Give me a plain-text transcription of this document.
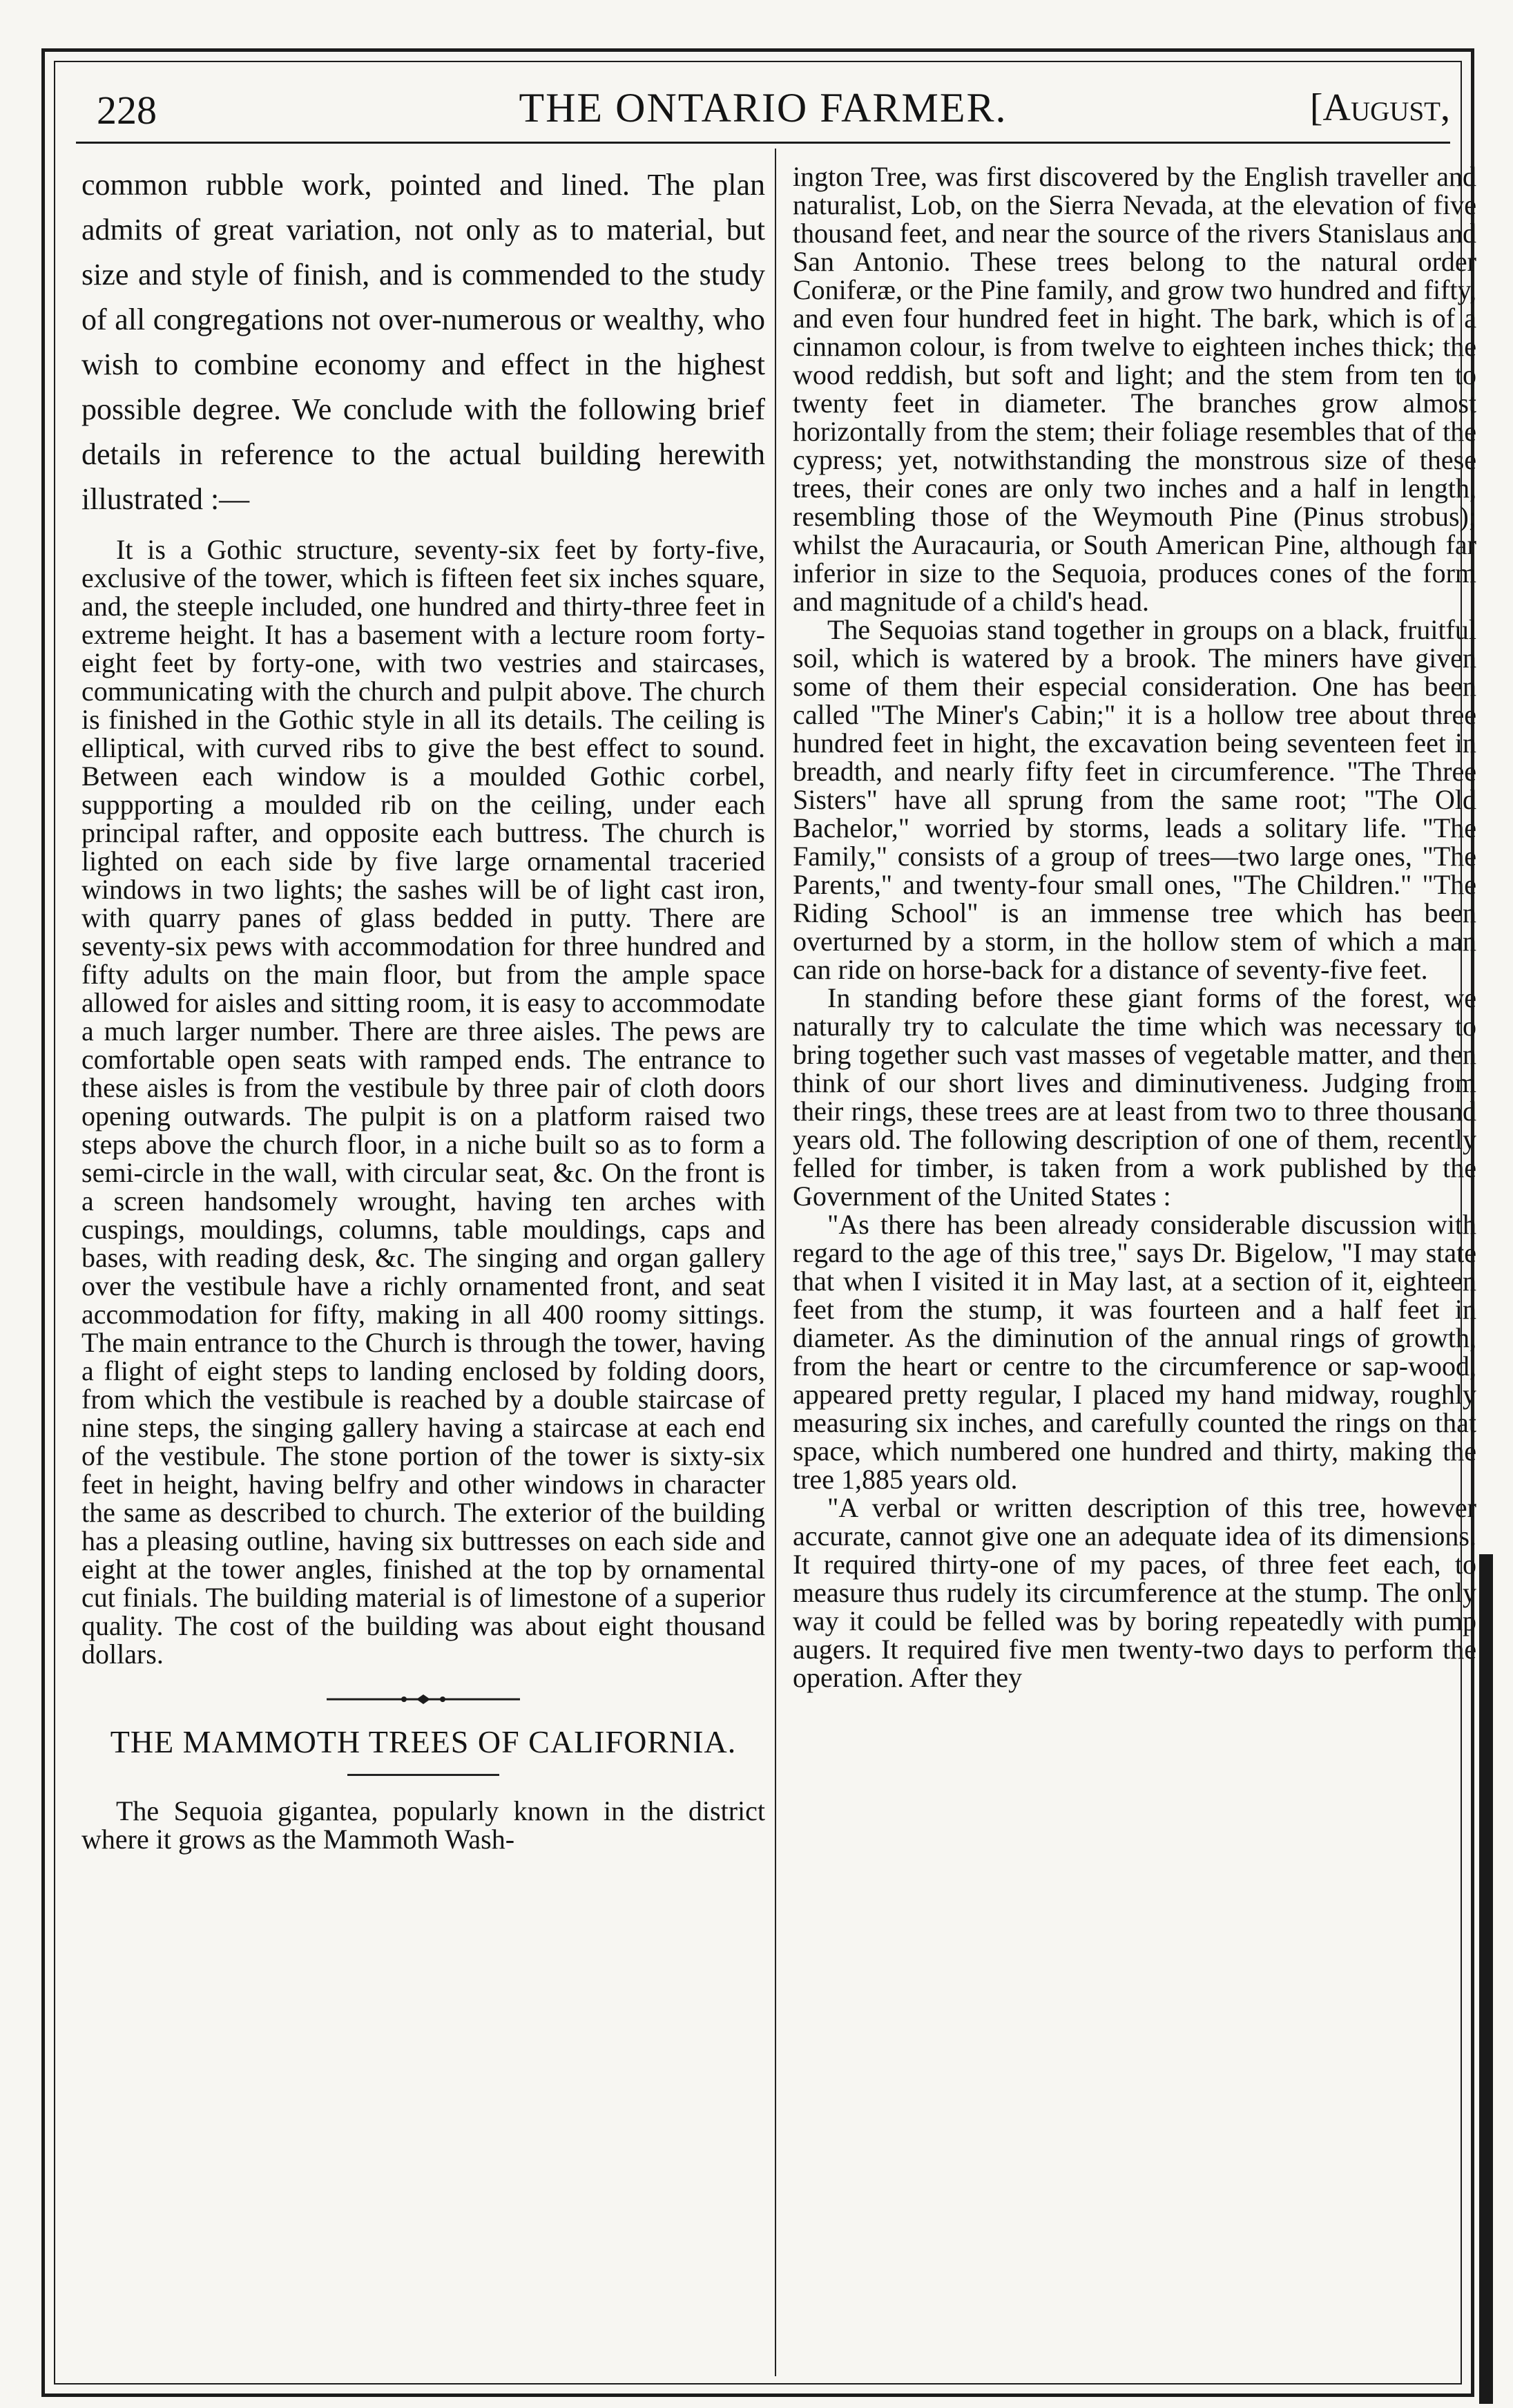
228	THE ONTARIO FARMER.	[August,

common rubble work, pointed and lined. The plan admits of great variation, not only as to material, but size and style of finish, and is commended to the study of all congregations not over-numerous or wealthy, who wish to combine economy and effect in the highest possible degree. We conclude with the following brief details in reference to the actual building herewith illustrated :—

It is a Gothic structure, seventy-six feet by forty-five, exclusive of the tower, which is fifteen feet six inches square, and, the steeple included, one hundred and thirty-three feet in extreme height. It has a basement with a lecture room forty-eight feet by forty-one, with two vestries and staircases, communicating with the church and pulpit above. The church is finished in the Gothic style in all its details. The ceiling is elliptical, with curved ribs to give the best effect to sound. Between each window is a moulded Gothic corbel, suppporting a moulded rib on the ceiling, under each principal rafter, and opposite each buttress. The church is lighted on each side by five large ornamental traceried windows in two lights; the sashes will be of light cast iron, with quarry panes of glass bedded in putty. There are seventy-six pews with accommodation for three hundred and fifty adults on the main floor, but from the ample space allowed for aisles and sitting room, it is easy to accommodate a much larger number. There are three aisles. The pews are comfortable open seats with ramped ends. The entrance to these aisles is from the vestibule by three pair of cloth doors opening outwards. The pulpit is on a platform raised two steps above the church floor, in a niche built so as to form a semi-circle in the wall, with circular seat, &c. On the front is a screen handsomely wrought, having ten arches with cuspings, mouldings, columns, table mouldings, caps and bases, with reading desk, &c. The singing and organ gallery over the vestibule have a richly ornamented front, and seat accommodation for fifty, making in all 400 roomy sittings. The main entrance to the Church is through the tower, having a flight of eight steps to landing enclosed by folding doors, from which the vestibule is reached by a double staircase of nine steps, the singing gallery having a staircase at each end of the vestibule. The stone portion of the tower is sixty-six feet in height, having belfry and other windows in character the same as described to church. The exterior of the building has a pleasing outline, having six buttresses on each side and eight at the tower angles, finished at the top by ornamental cut finials. The building material is of limestone of a superior quality. The cost of the building was about eight thousand dollars.

THE MAMMOTH TREES OF CALIFORNIA.

The Sequoia gigantea, popularly known in the district where it grows as the Mammoth Wash-

ington Tree, was first discovered by the English traveller and naturalist, Lob, on the Sierra Nevada, at the elevation of five thousand feet, and near the source of the rivers Stanislaus and San Antonio. These trees belong to the natural order Coniferæ, or the Pine family, and grow two hundred and fifty, and even four hundred feet in hight. The bark, which is of a cinnamon colour, is from twelve to eighteen inches thick; the wood reddish, but soft and light; and the stem from ten to twenty feet in diameter. The branches grow almost horizontally from the stem; their foliage resembles that of the cypress; yet, notwithstanding the monstrous size of these trees, their cones are only two inches and a half in length, resembling those of the Weymouth Pine (Pinus strobus); whilst the Auracauria, or South American Pine, although far inferior in size to the Sequoia, produces cones of the form and magnitude of a child's head.

The Sequoias stand together in groups on a black, fruitful soil, which is watered by a brook. The miners have given some of them their especial consideration. One has been called "The Miner's Cabin;" it is a hollow tree about three hundred feet in hight, the excavation being seventeen feet in breadth, and nearly fifty feet in circumference. "The Three Sisters" have all sprung from the same root; "The Old Bachelor," worried by storms, leads a solitary life. "The Family," consists of a group of trees—two large ones, "The Parents," and twenty-four small ones, "The Children." "The Riding School" is an immense tree which has been overturned by a storm, in the hollow stem of which a man can ride on horse-back for a distance of seventy-five feet.

In standing before these giant forms of the forest, we naturally try to calculate the time which was necessary to bring together such vast masses of vegetable matter, and then think of our short lives and diminutiveness. Judging from their rings, these trees are at least from two to three thousand years old. The following description of one of them, recently felled for timber, is taken from a work published by the Government of the United States :

"As there has been already considerable discussion with regard to the age of this tree," says Dr. Bigelow, "I may state that when I visited it in May last, at a section of it, eighteen feet from the stump, it was fourteen and a half feet in diameter. As the diminution of the annual rings of growth, from the heart or centre to the circumference or sap-wood, appeared pretty regular, I placed my hand midway, roughly measuring six inches, and carefully counted the rings on that space, which numbered one hundred and thirty, making the tree 1,885 years old.

"A verbal or written description of this tree, however accurate, cannot give one an adequate idea of its dimensions. It required thirty-one of my paces, of three feet each, to measure thus rudely its circumference at the stump. The only way it could be felled was by boring repeatedly with pump augers. It required five men twenty-two days to perform the operation. After they
